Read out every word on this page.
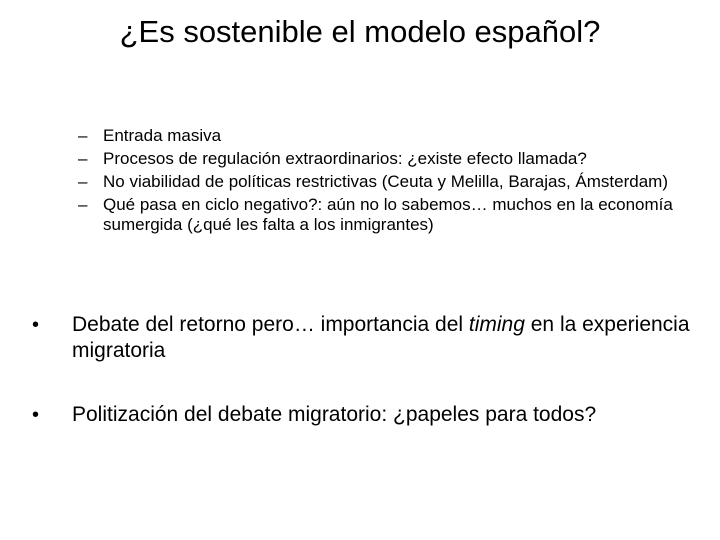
¿Es sostenible el modelo español?
– Entrada masiva
– Procesos de regulación extraordinarios: ¿existe efecto llamada?
– No viabilidad de políticas restrictivas (Ceuta y Melilla, Barajas, Ámsterdam)
– Qué pasa en ciclo negativo?: aún no lo sabemos… muchos en la economía sumergida (¿qué les falta a los inmigrantes)
• Debate del retorno pero… importancia del timing en la experiencia migratoria
• Politización del debate migratorio: ¿papeles para todos?
